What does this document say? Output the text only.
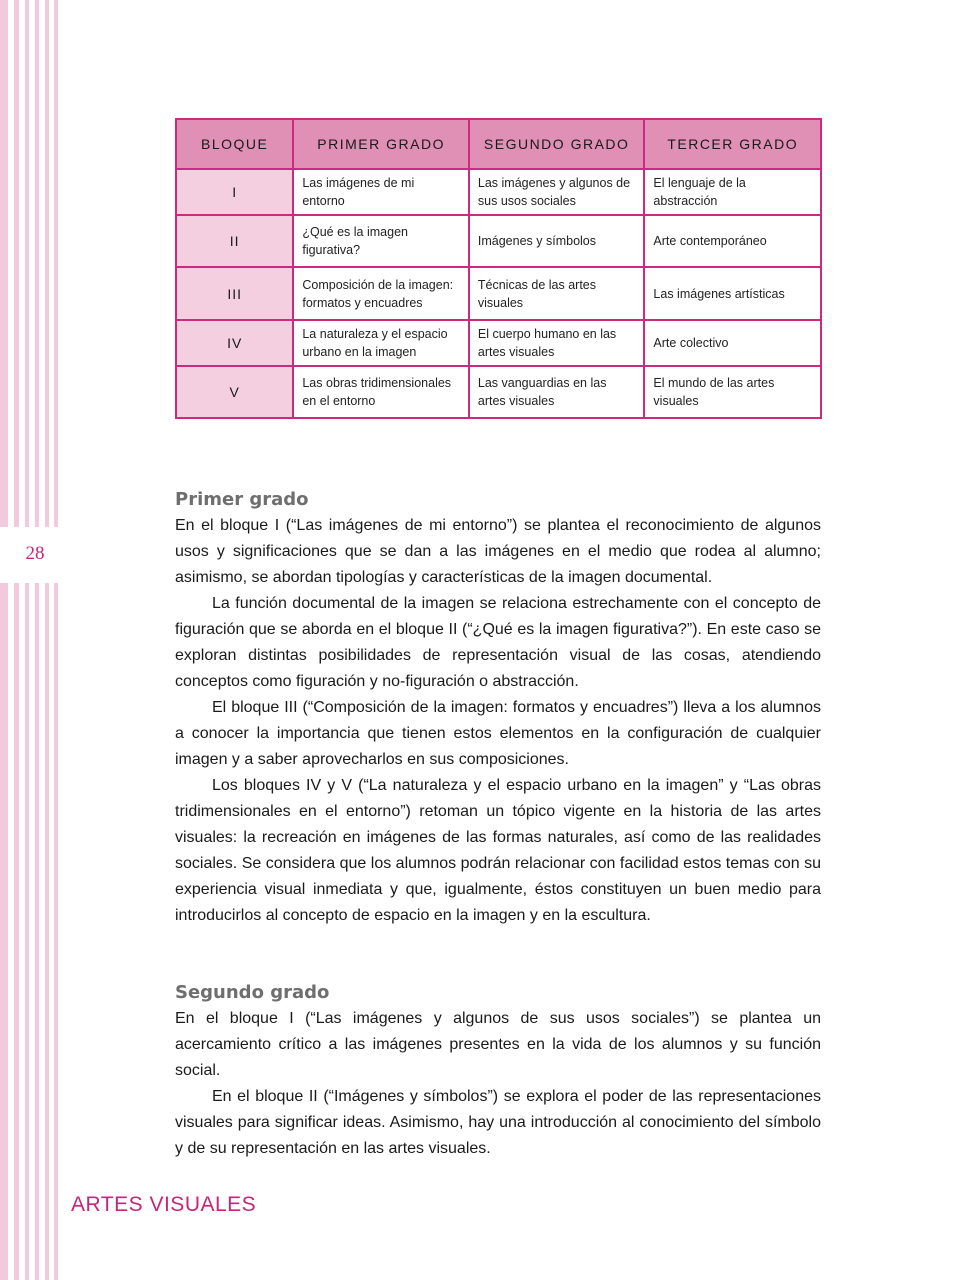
28
BLOQUE	PRIMER GRADO	SEGUNDO GRADO	TERCER GRADO
I	Las imágenes de mi entorno	Las imágenes y algunos de sus usos sociales	El lenguaje de la abstracción
II	¿Qué es la imagen figurativa?	Imágenes y símbolos	Arte contemporáneo
III	Composición de la imagen: formatos y encuadres	Técnicas de las artes visuales	Las imágenes artísticas
IV	La naturaleza y el espacio urbano en la imagen	El cuerpo humano en las artes visuales	Arte colectivo
V	Las obras tridimensionales en el entorno	Las vanguardias en las artes visuales	El mundo de las artes visuales
Primer grado

En el bloque I (“Las imágenes de mi entorno”) se plantea el reconocimiento de algunos usos y significaciones que se dan a las imágenes en el medio que rodea al alumno; asimismo, se abordan tipologías y características de la imagen documental.

La función documental de la imagen se relaciona estrechamente con el concepto de figuración que se aborda en el bloque II (“¿Qué es la imagen figurativa?”). En este caso se exploran distintas posibilidades de representación visual de las cosas, atendiendo conceptos como figuración y no-figuración o abstracción.

El bloque III (“Composición de la imagen: formatos y encuadres”) lleva a los alumnos a conocer la importancia que tienen estos elementos en la configuración de cualquier imagen y a saber aprovecharlos en sus composiciones.

Los bloques IV y V (“La naturaleza y el espacio urbano en la imagen” y “Las obras tridimensionales en el entorno”) retoman un tópico vigente en la historia de las artes visuales: la recreación en imágenes de las formas naturales, así como de las realidades sociales. Se considera que los alumnos podrán relacionar con facilidad estos temas con su experiencia visual inmediata y que, igualmente, éstos constituyen un buen medio para introducirlos al concepto de espacio en la imagen y en la escultura.

Segundo grado

En el bloque I (“Las imágenes y algunos de sus usos sociales”) se plantea un acercamiento crítico a las imágenes presentes en la vida de los alumnos y su función social.

En el bloque II (“Imágenes y símbolos”) se explora el poder de las representaciones visuales para significar ideas. Asimismo, hay una introducción al conocimiento del símbolo y de su representación en las artes visuales.

ARTES VISUALES
